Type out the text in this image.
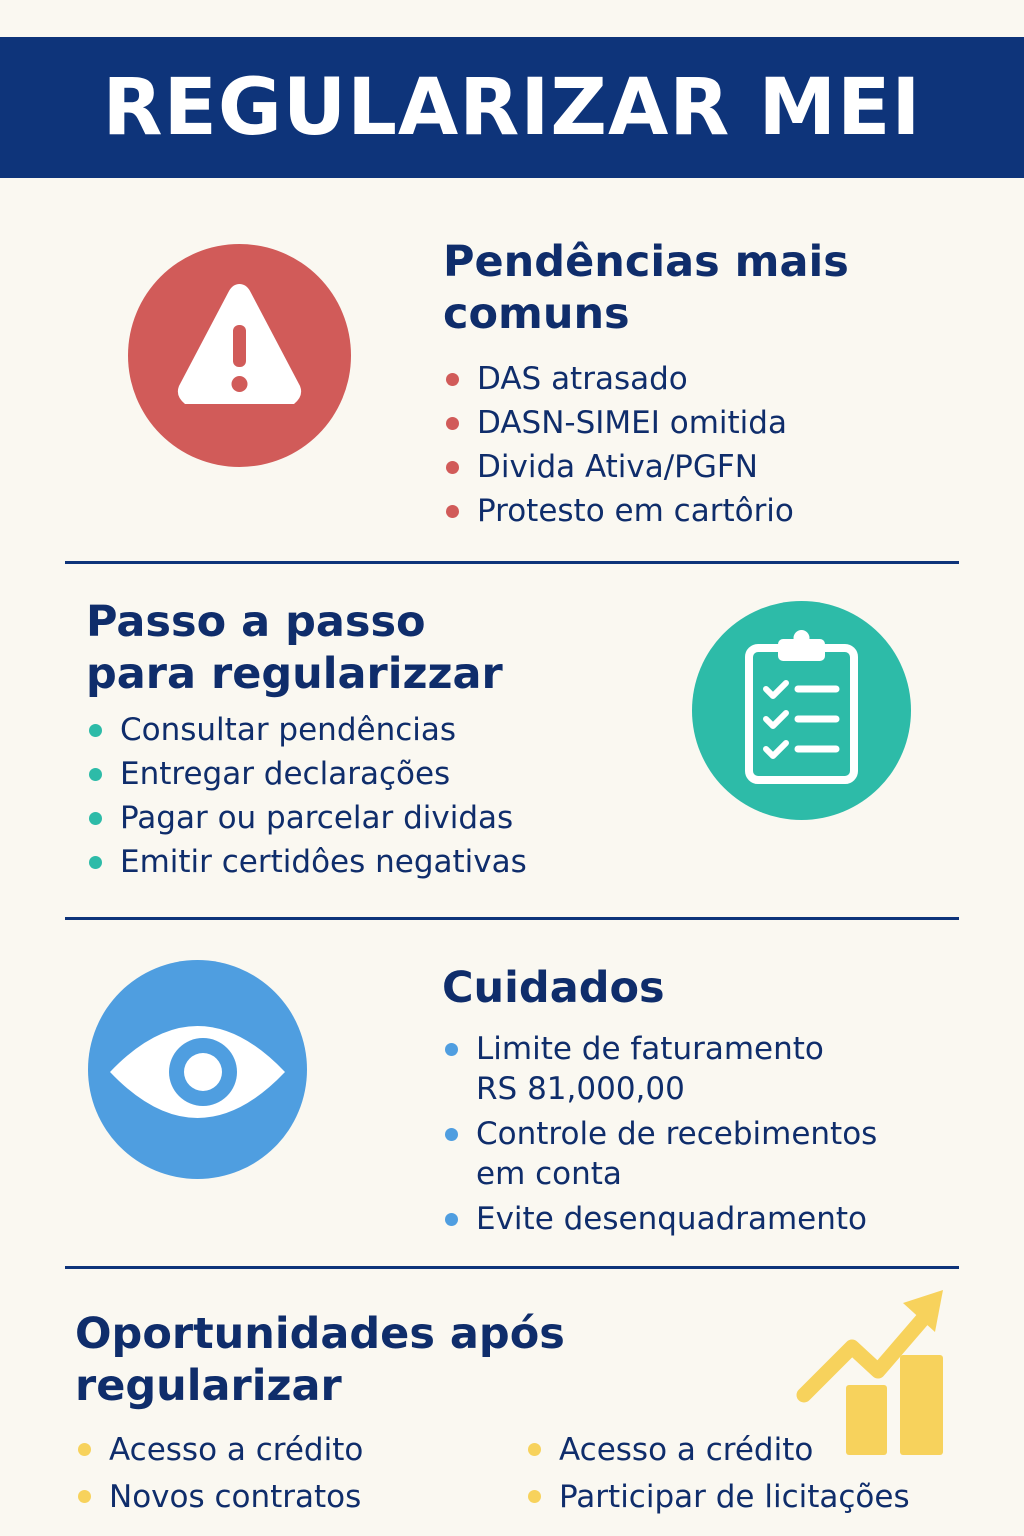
REGULARIZAR MEI
Pendências mais
comuns
DAS atrasado
DASN-SIMEI omitida
Divida Ativa/PGFN
Protesto em cartôrio
Passo a passo
para regularizzar
Consultar pendências
Entregar declarações
Pagar ou parcelar dividas
Emitir certidôes negativas
Cuidados
Limite de faturamento
RS 81,000,00
Controle de recebimentos
em conta
Evite desenquadramento
Oportunidades após
regularizar
Acesso a crédito
Novos contratos
Acesso a crédito
Participar de licitações
